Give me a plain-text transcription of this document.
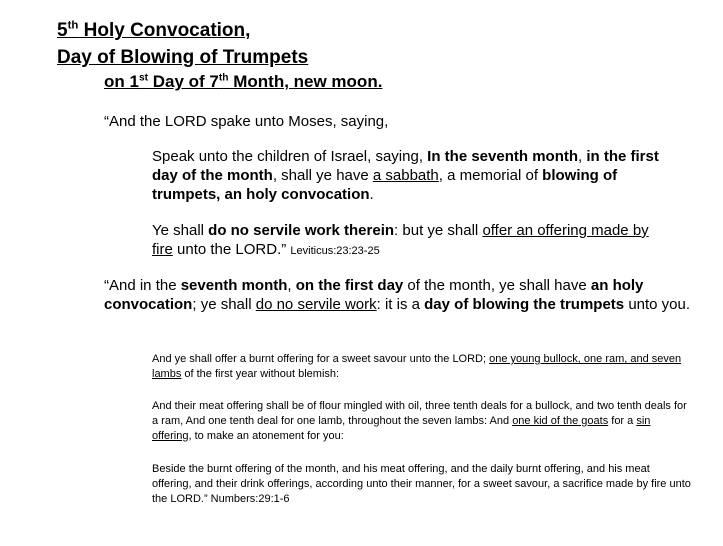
5th Holy Convocation,
Day of Blowing of Trumpets
on 1st Day of 7th Month, new moon.
“And the LORD spake unto Moses, saying,
Speak unto the children of Israel, saying, In the seventh month, in the first day of the month, shall ye have a sabbath, a memorial of blowing of trumpets, an holy convocation.
Ye shall do no servile work therein: but ye shall offer an offering made by fire unto the LORD.” Leviticus:23:23-25
“And in the seventh month, on the first day of the month, ye shall have an holy convocation; ye shall do no servile work: it is a day of blowing the trumpets unto you.
And ye shall offer a burnt offering for a sweet savour unto the LORD; one young bullock, one ram, and seven lambs of the first year without blemish:
And their meat offering shall be of flour mingled with oil, three tenth deals for a bullock, and two tenth deals for a ram, And one tenth deal for one lamb, throughout the seven lambs: And one kid of the goats for a sin offering, to make an atonement for you:
Beside the burnt offering of the month, and his meat offering, and the daily burnt offering, and his meat offering, and their drink offerings, according unto their manner, for a sweet savour, a sacrifice made by fire unto the LORD.” Numbers:29:1-6
